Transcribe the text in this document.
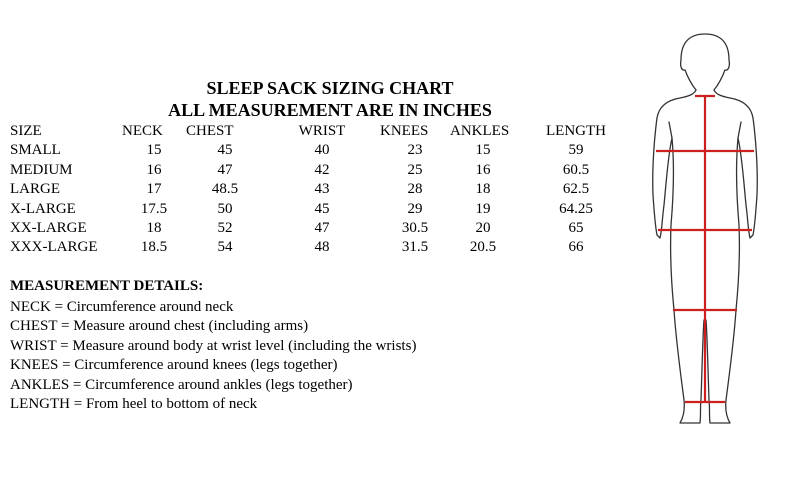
SLEEP SACK SIZING CHART
ALL MEASUREMENT ARE IN INCHES
SIZE	NECK	CHEST	WRIST	KNEES	ANKLES	LENGTH
SMALL	15	45	40	23	15	59
MEDIUM	16	47	42	25	16	60.5
LARGE	17	48.5	43	28	18	62.5
X-LARGE	17.5	50	45	29	19	64.25
XX-LARGE	18	52	47	30.5	20	65
XXX-LARGE	18.5	54	48	31.5	20.5	66
MEASUREMENT DETAILS:
NECK = Circumference around neck
CHEST = Measure around chest (including arms)
WRIST = Measure around body at wrist level (including the wrists)
KNEES = Circumference around knees (legs together)
ANKLES = Circumference around ankles (legs together)
LENGTH = From heel to bottom of neck
